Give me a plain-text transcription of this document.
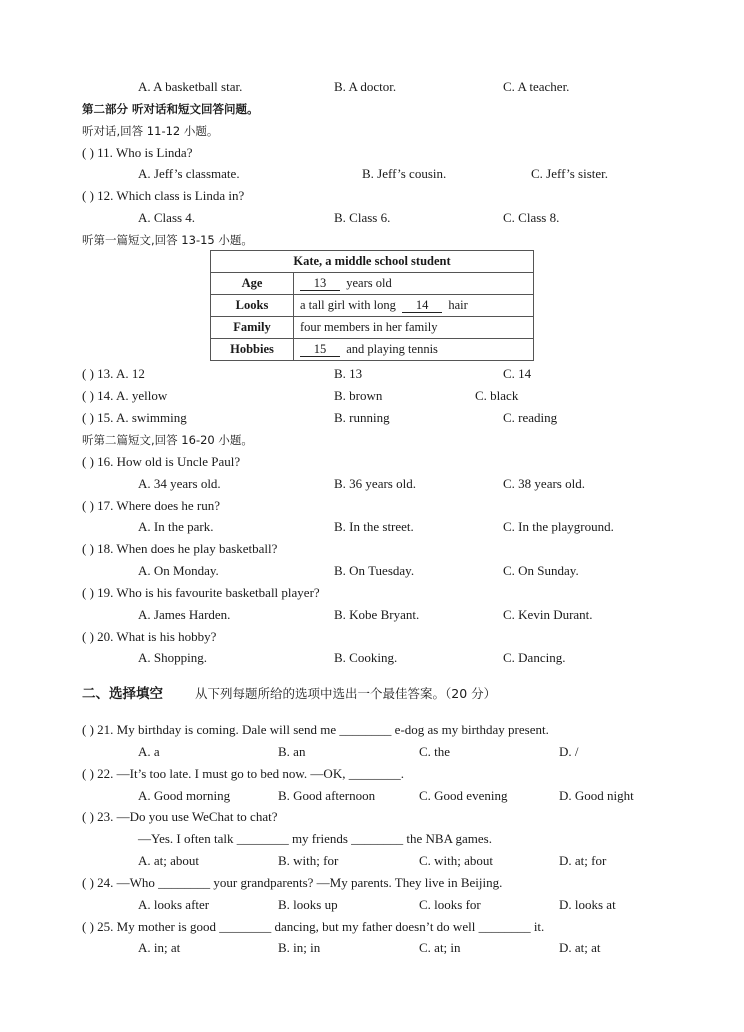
A. A basketball star.	B. A doctor.	C. A teacher.
第二部分 听对话和短文回答问题。
听对话,回答 11-12 小题。
( ) 11. Who is Linda?
A. Jeff’s classmate.	B. Jeff’s cousin.	C. Jeff’s sister.
( ) 12. Which class is Linda in?
A. Class 4.	B. Class 6.	C. Class 8.
听第一篇短文,回答 13-15 小题。
Kate, a middle school student	
Age	13 years old
Looks	a tall girl with long 14 hair
Family	four members in her family
Hobbies	15 and playing tennis
( ) 13. A. 12	B. 13	C. 14
( ) 14. A. yellow	B. brown	C. black
( ) 15. A. swimming	B. running	C. reading
听第二篇短文,回答 16-20 小题。
( ) 16. How old is Uncle Paul?
A. 34 years old.	B. 36 years old.	C. 38 years old.
( ) 17. Where does he run?
A. In the park.	B. In the street.	C. In the playground.
( ) 18. When does he play basketball?
A. On Monday.	B. On Tuesday.	C. On Sunday.
( ) 19. Who is his favourite basketball player?
A. James Harden.	B. Kobe Bryant.	C. Kevin Durant.
( ) 20. What is his hobby?
A. Shopping.	B. Cooking.	C. Dancing.
二、选择填空	从下列每题所给的选项中选出一个最佳答案。（20 分）
( ) 21. My birthday is coming. Dale will send me ________ e-dog as my birthday present.
A. a	B. an	C. the	D. /
( ) 22. —It’s too late. I must go to bed now. —OK, ________.
A. Good morning	B. Good afternoon	C. Good evening	D. Good night
( ) 23. —Do you use WeChat to chat?
—Yes. I often talk ________ my friends ________ the NBA games.
A. at; about	B. with; for	C. with; about	D. at; for
( ) 24. —Who ________ your grandparents? —My parents. They live in Beijing.
A. looks after	B. looks up	C. looks for	D. looks at
( ) 25. My mother is good ________ dancing, but my father doesn’t do well ________ it.
A. in; at	B. in; in	C. at; in	D. at; at
